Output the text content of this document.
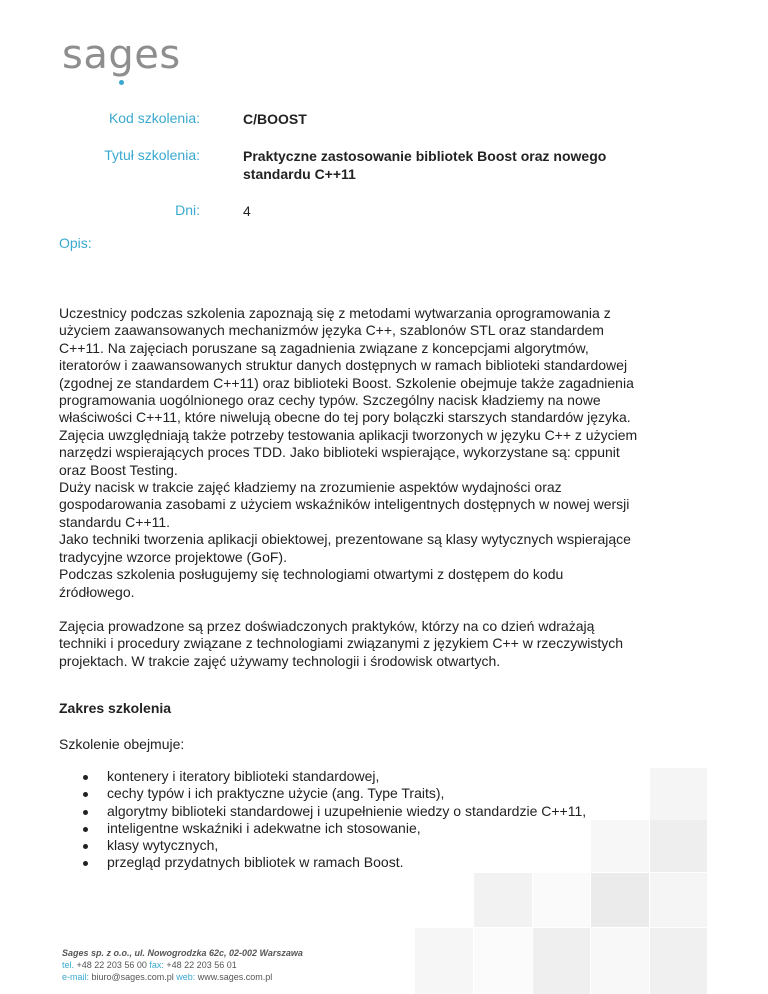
sag
es
Kod szkolenia:	C/BOOST
Tytuł szkolenia:	Praktyczne zastosowanie bibliotek Boost oraz nowego
standardu C++11
Dni:	4
Opis:
Uczestnicy podczas szkolenia zapoznają się z metodami wytwarzania oprogramowania z
użyciem zaawansowanych mechanizmów języka C++, szablonów STL oraz standardem
C++11. Na zajęciach poruszane są zagadnienia związane z koncepcjami algorytmów,
iteratorów i zaawansowanych struktur danych dostępnych w ramach biblioteki standardowej
(zgodnej ze standardem C++11) oraz biblioteki Boost. Szkolenie obejmuje także zagadnienia
programowania uogólnionego oraz cechy typów. Szczególny nacisk kładziemy na nowe
właściwości C++11, które niwelują obecne do tej pory bolączki starszych standardów języka.
Zajęcia uwzględniają także potrzeby testowania aplikacji tworzonych w języku C++ z użyciem
narzędzi wspierających proces TDD. Jako biblioteki wspierające, wykorzystane są: cppunit
oraz Boost Testing.
Duży nacisk w trakcie zajęć kładziemy na zrozumienie aspektów wydajności oraz
gospodarowania zasobami z użyciem wskaźników inteligentnych dostępnych w nowej wersji
standardu C++11.
Jako techniki tworzenia aplikacji obiektowej, prezentowane są klasy wytycznych wspierające
tradycyjne wzorce projektowe (GoF).
Podczas szkolenia posługujemy się technologiami otwartymi z dostępem do kodu
źródłowego.
Zajęcia prowadzone są przez doświadczonych praktyków, którzy na co dzień wdrażają
techniki i procedury związane z technologiami związanymi z językiem C++ w rzeczywistych
projektach. W trakcie zajęć używamy technologii i środowisk otwartych.
Zakres szkolenia
Szkolenie obejmuje:
kontenery i iteratory biblioteki standardowej,
cechy typów i ich praktyczne użycie (ang. Type Traits),
algorytmy biblioteki standardowej i uzupełnienie wiedzy o standardzie C++11,
inteligentne wskaźniki i adekwatne ich stosowanie,
klasy wytycznych,
przegląd przydatnych bibliotek w ramach Boost.
Sages sp. z o.o., ul. Nowogrodzka 62c, 02-002 Warszawa
tel. +48 22 203 56 00 fax: +48 22 203 56 01
e-mail: biuro@sages.com.pl web: www.sages.com.pl
